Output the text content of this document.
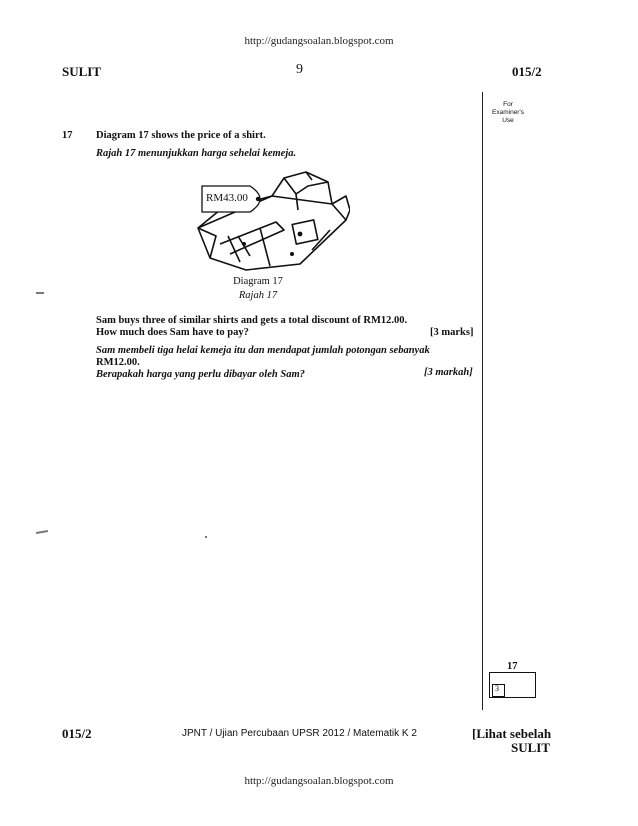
http://gudangsoalan.blogspot.com
SULIT	9	015/2
For
Examiner's
Use
17 Diagram 17 shows the price of a shirt.
Rajah 17 menunjukkan harga sehelai kemeja.
RM43.00
Diagram 17
Rajah 17
Sam buys three of similar shirts and gets a total discount of RM12.00.
How much does Sam have to pay?	[3 marks]
Sam membeli tiga helai kemeja itu dan mendapat jumlah potongan sebanyak
RM12.00.
Berapakah harga yang perlu dibayar oleh Sam?	[3 markah]
17
3
015/2	JPNT / Ujian Percubaan UPSR 2012 / Matematik K 2	[Lihat sebelah
SULIT
http://gudangsoalan.blogspot.com
